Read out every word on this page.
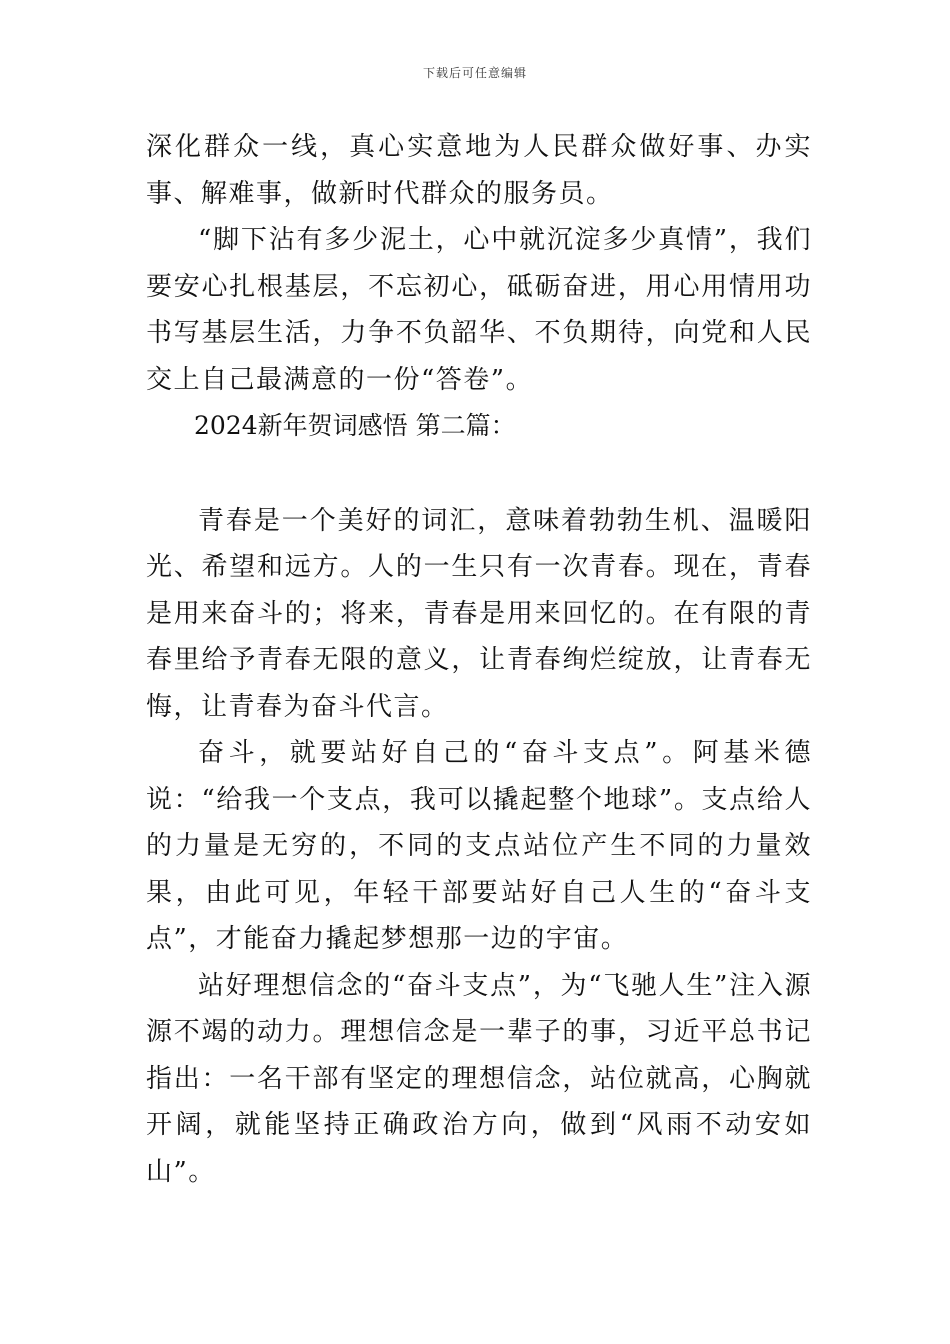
下载后可任意编辑

深化群众一线，真心实意地为人民群众做好事、办实事、解难事，做新时代群众的服务员。

“脚下沾有多少泥土，心中就沉淀多少真情”，我们要安心扎根基层，不忘初心，砥砺奋进，用心用情用功书写基层生活，力争不负韶华、不负期待，向党和人民交上自己最满意的一份“答卷”。

2024新年贺词感悟 第二篇：

青春是一个美好的词汇，意味着勃勃生机、温暖阳光、希望和远方。人的一生只有一次青春。现在，青春是用来奋斗的；将来，青春是用来回忆的。在有限的青春里给予青春无限的意义，让青春绚烂绽放，让青春无悔，让青春为奋斗代言。

奋斗，就要站好自己的“奋斗支点”。阿基米德说：“给我一个支点，我可以撬起整个地球”。支点给人的力量是无穷的，不同的支点站位产生不同的力量效果，由此可见，年轻干部要站好自己人生的“奋斗支点”，才能奋力撬起梦想那一边的宇宙。

站好理想信念的“奋斗支点”，为“飞驰人生”注入源源不竭的动力。理想信念是一辈子的事，习近平总书记指出：一名干部有坚定的理想信念，站位就高，心胸就开阔，就能坚持正确政治方向，做到“风雨不动安如山”。
